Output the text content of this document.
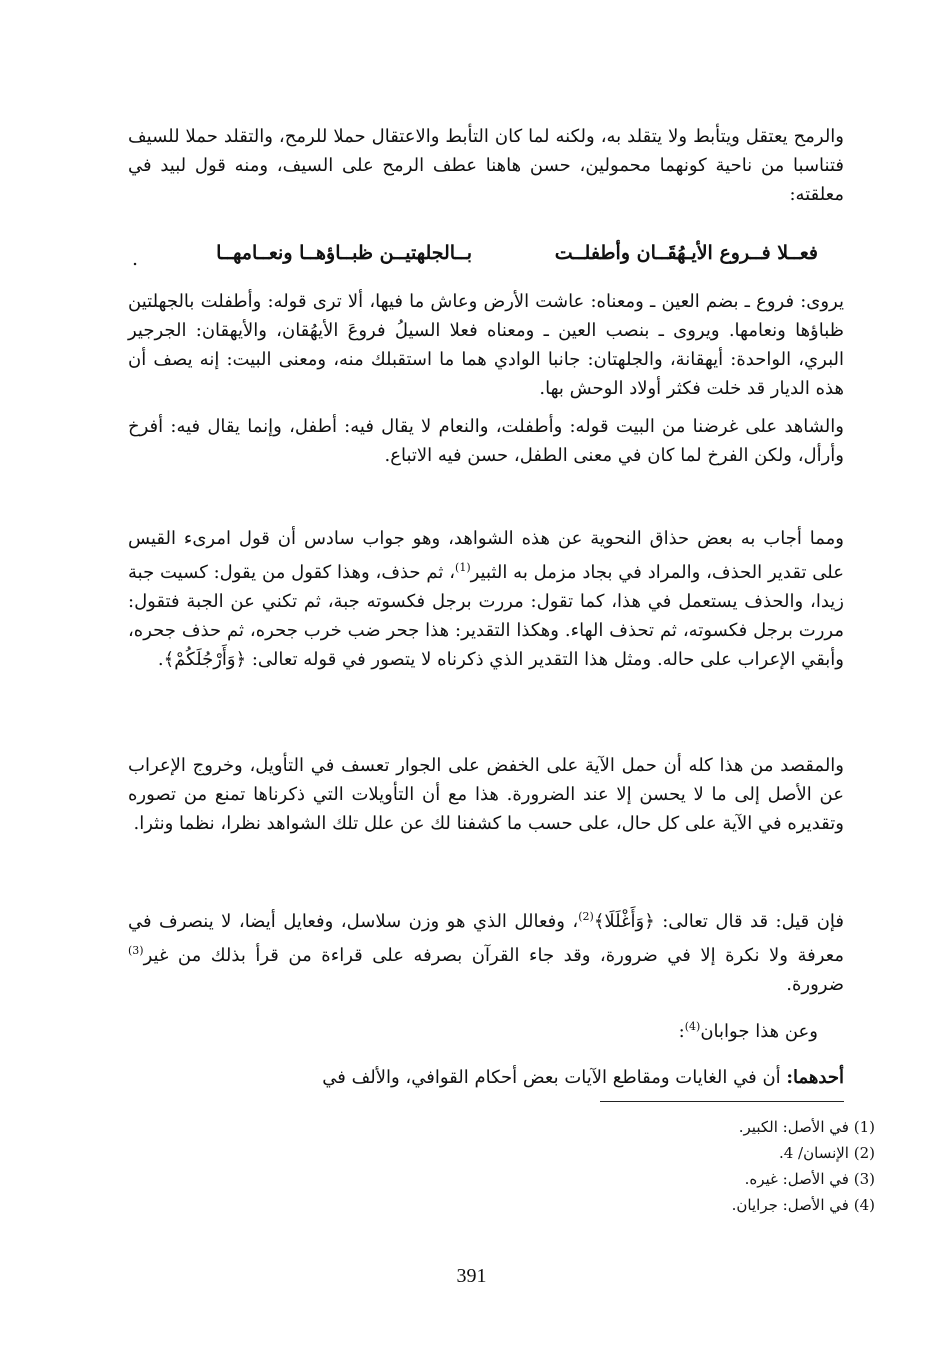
والرمح يعتقل ويتأبط ولا يتقلد به، ولكنه لما كان التأبط والاعتقال حملا للرمح، والتقلد حملا للسيف فتناسبا من ناحية كونهما محمولين، حسن هاهنا عطف الرمح على السيف، ومنه قول لبيد في معلقته:
فعــلا فــروع الأيـهُقَــان وأطفلــت
بــالجلهتيــن ظبــاؤهــا ونعــامهــا
.
يروى: فروع ـ بضم العين ـ ومعناه: عاشت الأرض وعاش ما فيها، ألا ترى قوله: وأطفلت بالجهلتين ظباؤها ونعامها. ويروى ـ بنصب العين ـ ومعناه فعلا السيلُ فروعَ الأيهُقان، والأيهقان: الجرجير البري، الواحدة: أيهقانة، والجلهتان: جانبا الوادي هما ما استقبلك منه، ومعنى البيت: إنه يصف أن هذه الديار قد خلت فكثر أولاد الوحش بها.
والشاهد على غرضنا من البيت قوله: وأطفلت، والنعام لا يقال فيه: أطفل، وإنما يقال فيه: أفرخ وأرأل، ولكن الفرخ لما كان في معنى الطفل، حسن فيه الاتباع.
ومما أجاب به بعض حذاق النحوية عن هذه الشواهد، وهو جواب سادس أن قول امرىء القيس على تقدير الحذف، والمراد في بجاد مزمل به الثبير$^{(1)}$، ثم حذف، وهذا كقول من يقول: كسيت جبة زيدا، والحذف يستعمل في هذا، كما تقول: مررت برجل فكسوته جبة، ثم تكني عن الجبة فتقول: مررت برجل فكسوته، ثم تحذف الهاء. وهكذا التقدير: هذا جحر ضب خرب جحره، ثم حذف جحره، وأبقي الإعراب على حاله. ومثل هذا التقدير الذي ذكرناه لا يتصور في قوله تعالى: ﴿وَأَرْجُلَكُمْ﴾.
والمقصد من هذا كله أن حمل الآية على الخفض على الجوار تعسف في التأويل، وخروج الإعراب عن الأصل إلى ما لا يحسن إلا عند الضرورة. هذا مع أن التأويلات التي ذكرناها تمنع من تصوره وتقديره في الآية على كل حال، على حسب ما كشفنا لك عن علل تلك الشواهد نظرا، نظما ونثرا.
فإن قيل: قد قال تعالى: ﴿وَأَغْلَلَا﴾$^{(2)}$، وفعالل الذي هو وزن سلاسل، وفعايل أيضا، لا ينصرف في معرفة ولا نكرة إلا في ضرورة، وقد جاء القرآن بصرفه على قراءة من قرأ بذلك من غير$^{(3)}$ ضرورة.
وعن هذا جوابان$^{(4)}$:
أحدهما: أن في الغايات ومقاطع الآيات بعض أحكام القوافي، والألف في
(1) في الأصل: الكبير.
(2) الإنسان/ 4.
(3) في الأصل: غيره.
(4) في الأصل: جرايان.
391
